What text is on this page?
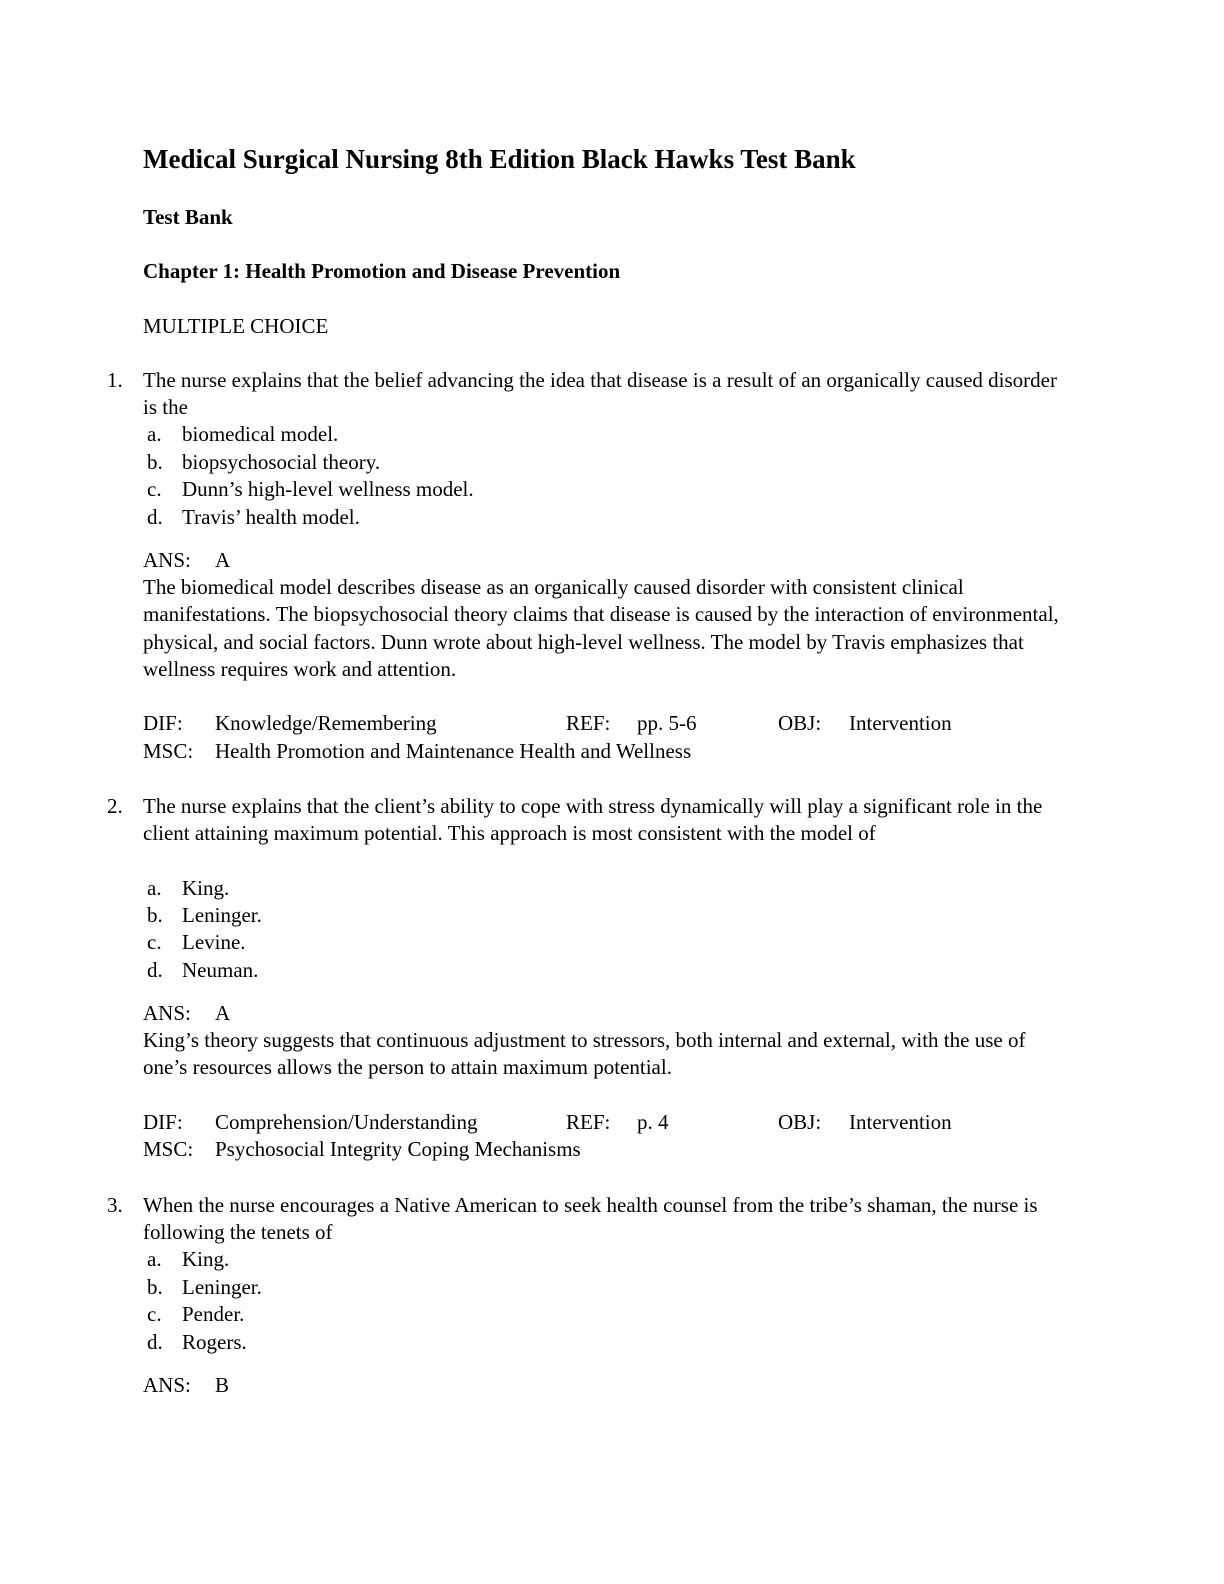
Medical Surgical Nursing 8th Edition Black Hawks Test Bank
Test Bank
Chapter 1: Health Promotion and Disease Prevention
MULTIPLE CHOICE
1. The nurse explains that the belief advancing the idea that disease is a result of an organically caused disorder is the
a. biomedical model.
b. biopsychosocial theory.
c. Dunn’s high-level wellness model.
d. Travis’ health model.
ANS: A
The biomedical model describes disease as an organically caused disorder with consistent clinical manifestations. The biopsychosocial theory claims that disease is caused by the interaction of environmental, physical, and social factors. Dunn wrote about high-level wellness. The model by Travis emphasizes that wellness requires work and attention.
DIF: Knowledge/Remembering	REF: pp. 5-6	OBJ: Intervention
MSC: Health Promotion and Maintenance Health and Wellness
2. The nurse explains that the client’s ability to cope with stress dynamically will play a significant role in the client attaining maximum potential. This approach is most consistent with the model of
a. King.
b. Leninger.
c. Levine.
d. Neuman.
ANS: A
King’s theory suggests that continuous adjustment to stressors, both internal and external, with the use of one’s resources allows the person to attain maximum potential.
DIF: Comprehension/Understanding	REF: p. 4	OBJ: Intervention
MSC: Psychosocial Integrity Coping Mechanisms
3. When the nurse encourages a Native American to seek health counsel from the tribe’s shaman, the nurse is following the tenets of
a. King.
b. Leninger.
c. Pender.
d. Rogers.
ANS: B
